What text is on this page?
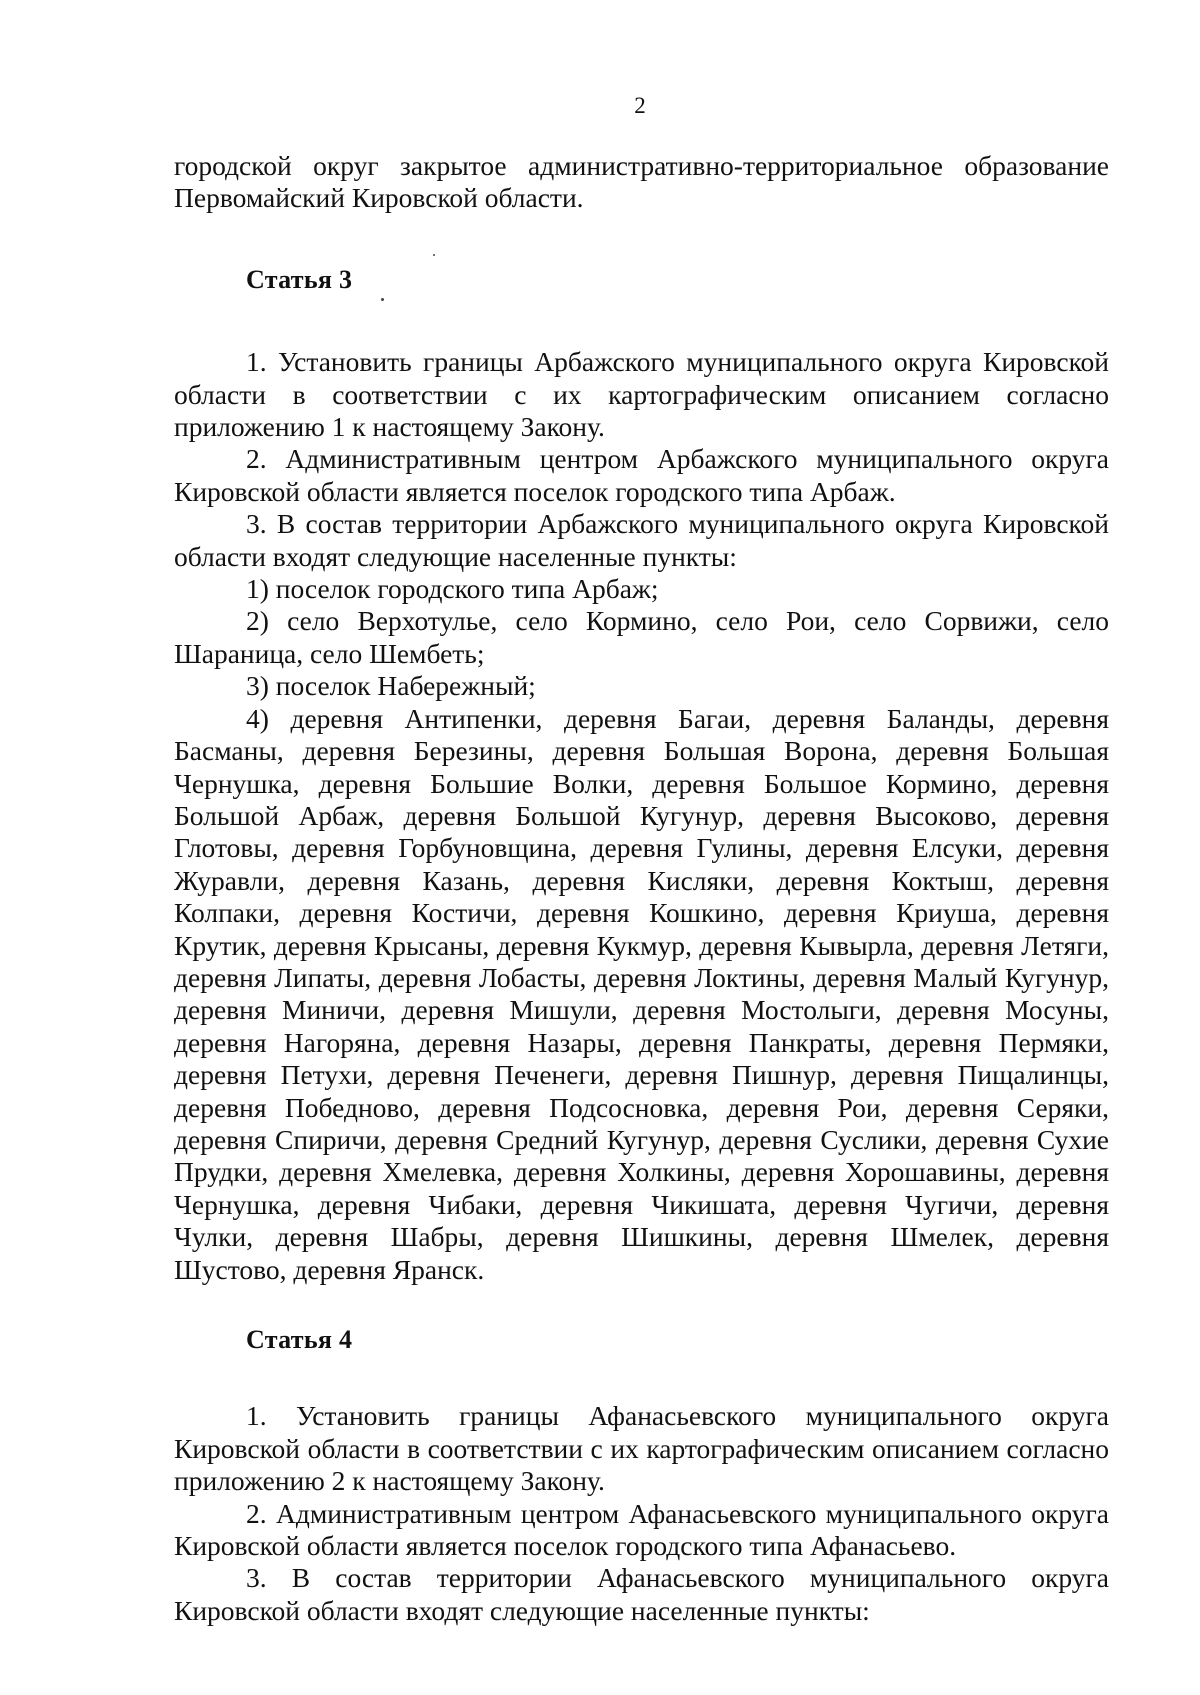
2

городской округ закрытое административно-территориальное образование Первомайский Кировской области.

Статья 3

1. Установить границы Арбажского муниципального округа Кировской области в соответствии с их картографическим описанием согласно приложению 1 к настоящему Закону.

2. Административным центром Арбажского муниципального округа Кировской области является поселок городского типа Арбаж.

3. В состав территории Арбажского муниципального округа Кировской области входят следующие населенные пункты:

1) поселок городского типа Арбаж;

2) село Верхотулье, село Кормино, село Рои, село Сорвижи, село Шараница, село Шембеть;

3) поселок Набережный;

4) деревня Антипенки, деревня Багаи, деревня Баланды, деревня Басманы, деревня Березины, деревня Большая Ворона, деревня Большая Чернушка, деревня Большие Волки, деревня Большое Кормино, деревня Большой Арбаж, деревня Большой Кугунур, деревня Высоково, деревня Глотовы, деревня Горбуновщина, деревня Гулины, деревня Елсуки, деревня Журавли, деревня Казань, деревня Кисляки, деревня Коктыш, деревня Колпаки, деревня Костичи, деревня Кошкино, деревня Криуша, деревня Крутик, деревня Крысаны, деревня Кукмур, деревня Кывырла, деревня Летяги, деревня Липаты, деревня Лобасты, деревня Локтины, деревня Малый Кугунур, деревня Миничи, деревня Мишули, деревня Мостолыги, деревня Мосуны, деревня Нагоряна, деревня Назары, деревня Панкраты, деревня Пермяки, деревня Петухи, деревня Печенеги, деревня Пишнур, деревня Пищалинцы, деревня Победново, деревня Подсосновка, деревня Рои, деревня Серяки, деревня Спиричи, деревня Средний Кугунур, деревня Суслики, деревня Сухие Прудки, деревня Хмелевка, деревня Холкины, деревня Хорошавины, деревня Чернушка, деревня Чибаки, деревня Чикишата, деревня Чугичи, деревня Чулки, деревня Шабры, деревня Шишкины, деревня Шмелек, деревня Шустово, деревня Яранск.

Статья 4

1. Установить границы Афанасьевского муниципального округа Кировской области в соответствии с их картографическим описанием согласно приложению 2 к настоящему Закону.

2. Административным центром Афанасьевского муниципального округа Кировской области является поселок городского типа Афанасьево.

3. В состав территории Афанасьевского муниципального округа Кировской области входят следующие населенные пункты:
